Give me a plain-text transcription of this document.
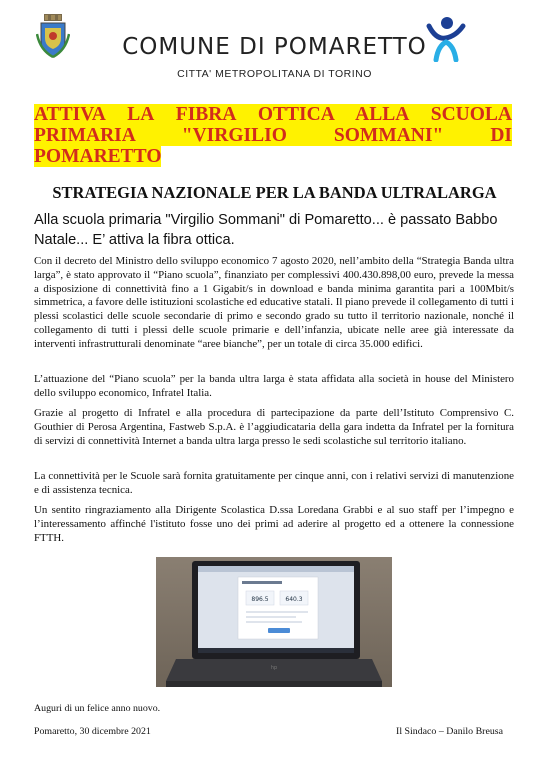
COMUNE DI POMARETTO
CITTA' METROPOLITANA DI TORINO
ATTIVA LA FIBRA OTTICA ALLA SCUOLA PRIMARIA "VIRGILIO SOMMANI" DI POMARETTO
STRATEGIA NAZIONALE PER LA BANDA ULTRALARGA
Alla scuola primaria "Virgilio Sommani" di Pomaretto... è passato Babbo Natale... E’ attiva la fibra ottica.
Con il decreto del Ministro dello sviluppo economico 7 agosto 2020, nell’ambito della “Strategia Banda ultra larga”, è stato approvato il “Piano scuola”, finanziato per complessivi 400.430.898,00 euro, prevede la messa a disposizione di connettività fino a 1 Gigabit/s in download e banda minima garantita pari a 100Mbit/s simmetrica, a favore delle istituzioni scolastiche ed educative statali. Il piano prevede il collegamento di tutti i plessi scolastici delle scuole secondarie di primo e secondo grado su tutto il territorio nazionale, nonché il collegamento di tutti i plessi delle scuole primarie e dell’infanzia, ubicate nelle aree già interessate da interventi infrastrutturali denominate “aree bianche”, per un totale di circa 35.000 edifici.
L’attuazione del “Piano scuola” per la banda ultra larga è stata affidata alla società in house del Ministero dello sviluppo economico, Infratel Italia.
Grazie al progetto di Infratel e alla procedura di partecipazione da parte dell’Istituto Comprensivo C. Gouthier di Perosa Argentina, Fastweb S.p.A. è l’aggiudicataria della gara indetta da Infratel per la fornitura di servizi di connettività Internet a banda ultra larga presso le sedi scolastiche sul territorio italiano.
La connettività per le Scuole sarà fornita gratuitamente per cinque anni, con i relativi servizi di manutenzione e di assistenza tecnica.
Un sentito ringraziamento alla Dirigente Scolastica D.ssa Loredana Grabbi e al suo staff per l’impegno e l’interessamento affinché l'istituto fosse uno dei primi ad aderire al progetto ed a ottenere la connessione FTTH.
896.5	640.3
hp
Auguri di un felice anno nuovo.
Pomaretto, 30 dicembre 2021	Il Sindaco – Danilo Breusa
